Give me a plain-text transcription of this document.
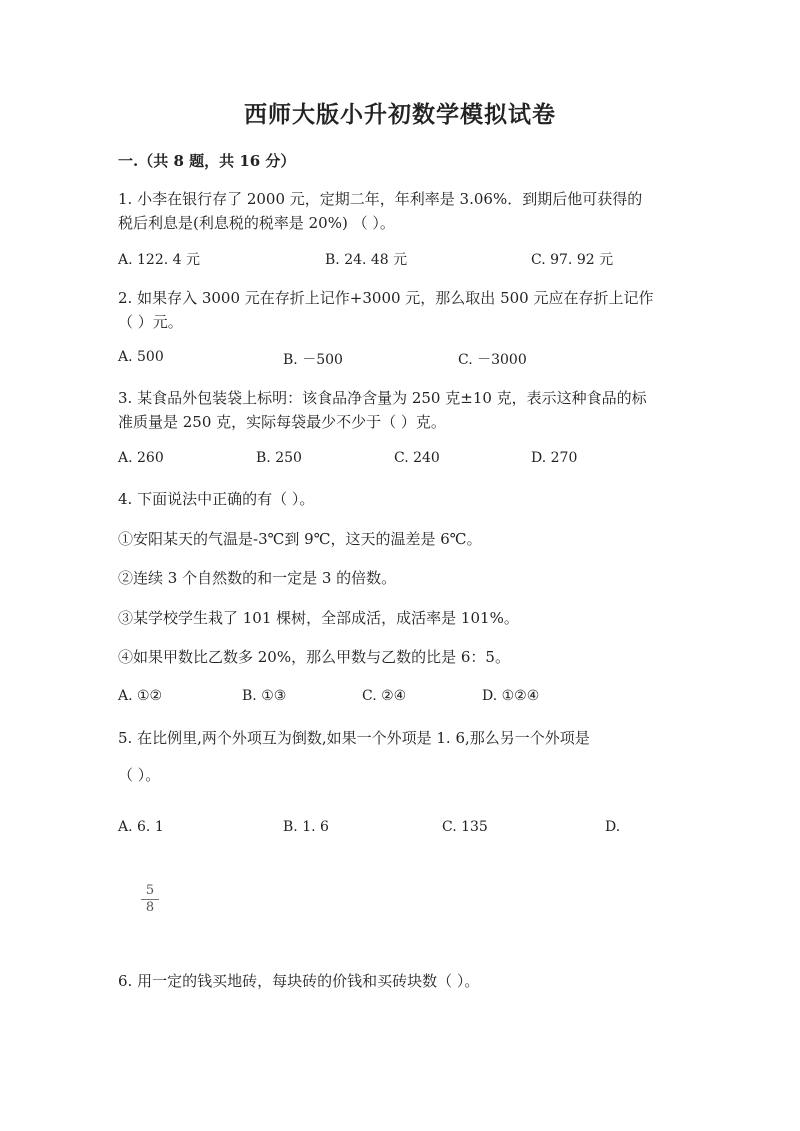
西师大版小升初数学模拟试卷
一.（共 8 题，共 16 分）
1. 小李在银行存了 2000 元，定期二年，年利率是 3.06%．到期后他可获得的
税后利息是(利息税的税率是 20%) （ ）。
A. 122. 4 元	B. 24. 48 元	C. 97. 92 元
2. 如果存入 3000 元在存折上记作+3000 元，那么取出 500 元应在存折上记作
（ ）元。
A. 500	B. －500	C. －3000
3. 某食品外包装袋上标明：该食品净含量为 250 克±10 克，表示这种食品的标
准质量是 250 克，实际每袋最少不少于（ ）克。
A. 260	B. 250	C. 240	D. 270
4. 下面说法中正确的有（ ）。
①安阳某天的气温是-3℃到 9℃，这天的温差是 6℃。
②连续 3 个自然数的和一定是 3 的倍数。
③某学校学生栽了 101 棵树，全部成活，成活率是 101%。
④如果甲数比乙数多 20%，那么甲数与乙数的比是 6：5。
A. ①②	B. ①③	C. ②④	D. ①②④
5. 在比例里,两个外项互为倒数,如果一个外项是 1. 6,那么另一个外项是
（ ）。
A. 6. 1	B. 1. 6	C. 135	D.
5
8
6. 用一定的钱买地砖，每块砖的价钱和买砖块数（ ）。
